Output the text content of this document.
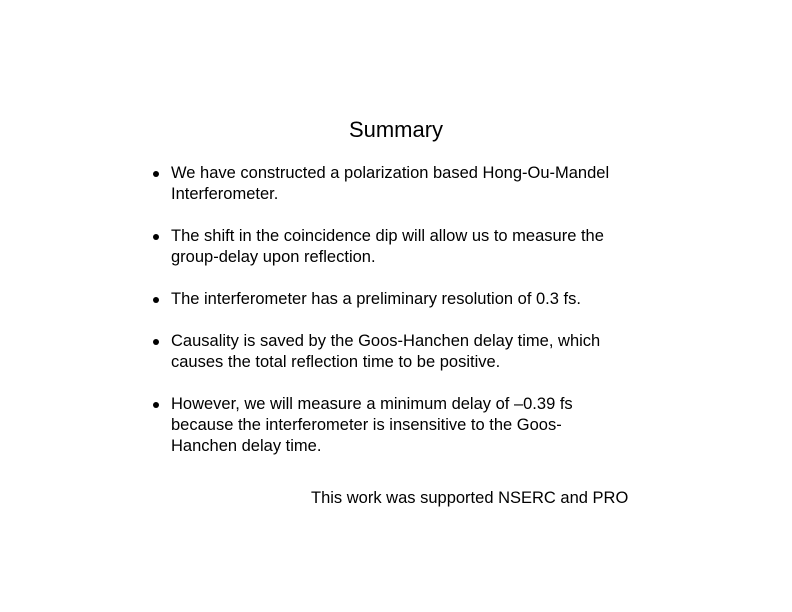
Summary
We have constructed a polarization based Hong-Ou-Mandel
Interferometer.
The shift in the coincidence dip will allow us to measure the
group-delay upon reflection.
The interferometer has a preliminary resolution of 0.3 fs.
Causality is saved by the Goos-Hanchen delay time, which
causes the total reflection time to be positive.
However, we will measure a minimum delay of –0.39 fs
because the interferometer is insensitive to the Goos-
Hanchen delay time.
This work was supported NSERC and PRO
